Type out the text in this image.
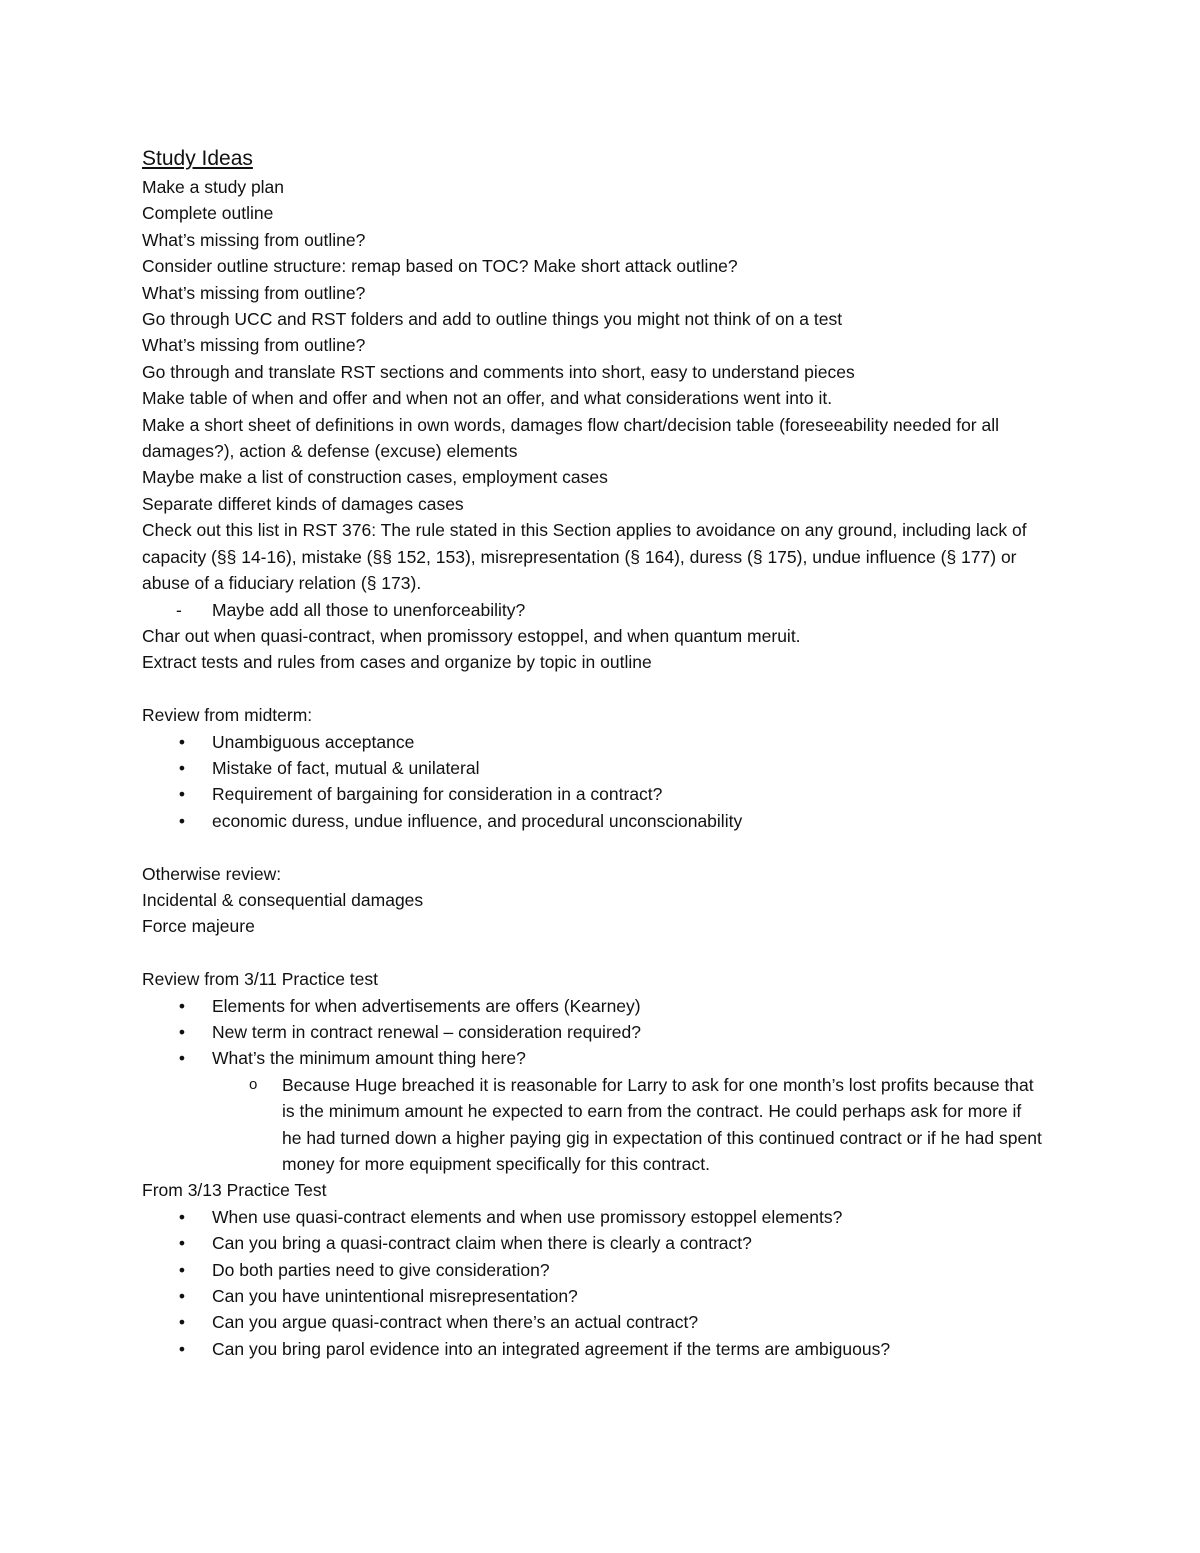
Study Ideas

Make a study plan

Complete outline

What’s missing from outline?

Consider outline structure: remap based on TOC? Make short attack outline?

What’s missing from outline?

Go through UCC and RST folders and add to outline things you might not think of on a test

What’s missing from outline?

Go through and translate RST sections and comments into short, easy to understand pieces

Make table of when and offer and when not an offer, and what considerations went into it.

Make a short sheet of definitions in own words, damages flow chart/decision table (foreseeability needed for all damages?), action & defense (excuse) elements

Maybe make a list of construction cases, employment cases

Separate differet kinds of damages cases

Check out this list in RST 376: The rule stated in this Section applies to avoidance on any ground, including lack of capacity (§§ 14-16), mistake (§§ 152, 153), misrepresentation (§ 164), duress (§ 175), undue influence (§ 177) or abuse of a fiduciary relation (§ 173).

- Maybe add all those to unenforceability?

Char out when quasi-contract, when promissory estoppel, and when quantum meruit.

Extract tests and rules from cases and organize by topic in outline

Review from midterm:

•	Unambiguous acceptance
•	Mistake of fact, mutual & unilateral
•	Requirement of bargaining for consideration in a contract?
•	economic duress, undue influence, and procedural unconscionability

Otherwise review:

Incidental & consequential damages

Force majeure

Review from 3/11 Practice test

•	Elements for when advertisements are offers (Kearney)
•	New term in contract renewal – consideration required?
•	What’s the minimum amount thing here?
o Because Huge breached it is reasonable for Larry to ask for one month’s lost profits because that is the minimum amount he expected to earn from the contract. He could perhaps ask for more if he had turned down a higher paying gig in expectation of this continued contract or if he had spent money for more equipment specifically for this contract.

From 3/13 Practice Test

•	When use quasi-contract elements and when use promissory estoppel elements?
•	Can you bring a quasi-contract claim when there is clearly a contract?
•	Do both parties need to give consideration?
•	Can you have unintentional misrepresentation?
•	Can you argue quasi-contract when there’s an actual contract?
•	Can you bring parol evidence into an integrated agreement if the terms are ambiguous?
